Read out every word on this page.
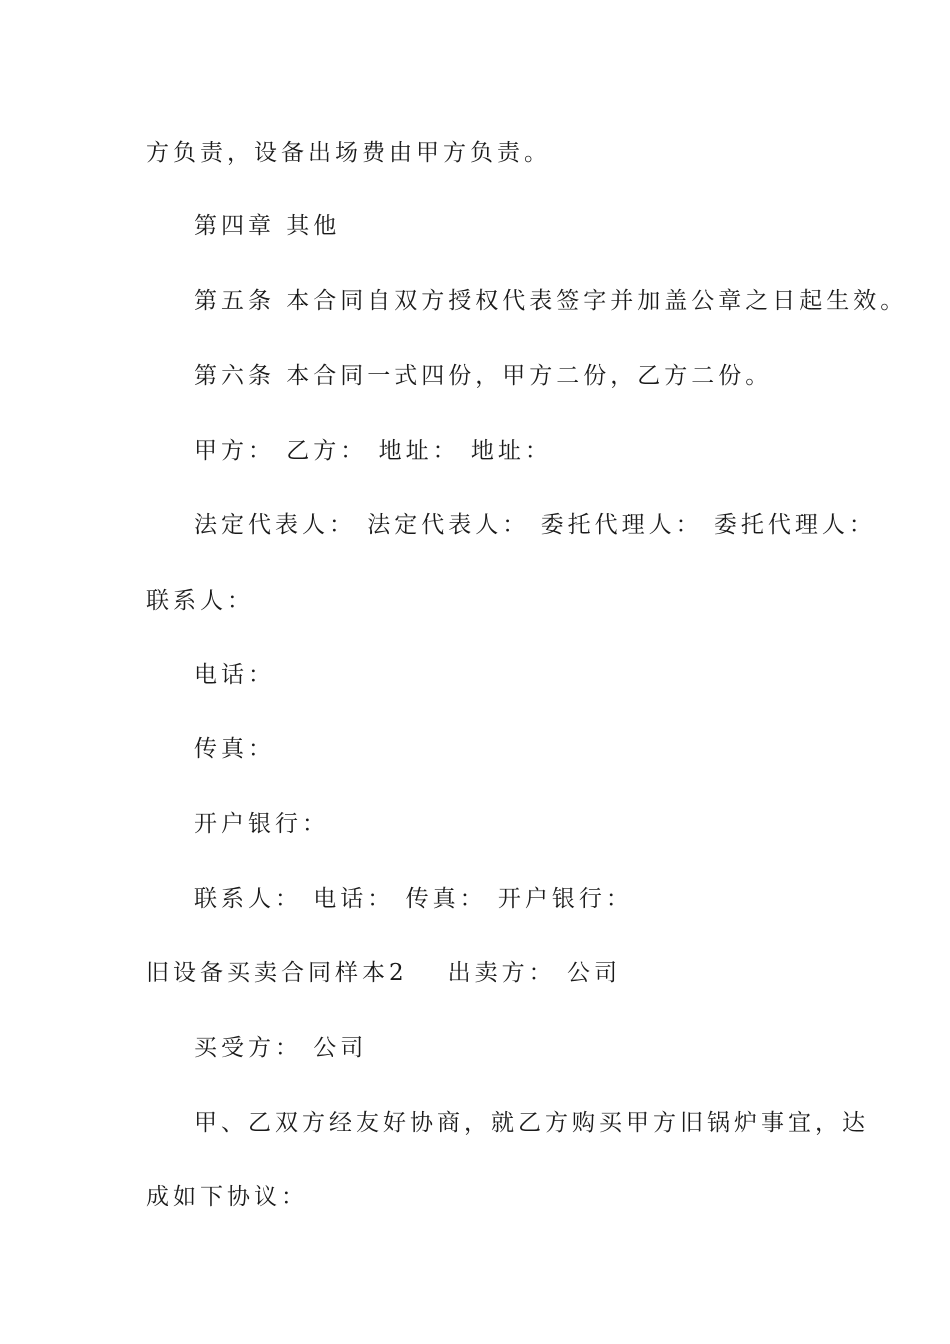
方负责，设备出场费由甲方负责。
第四章 其他
第五条 本合同自双方授权代表签字并加盖公章之日起生效。
第六条 本合同一式四份，甲方二份，乙方二份。
甲方： 乙方： 地址： 地址：
法定代表人： 法定代表人： 委托代理人： 委托代理人：
联系人：
电话：
传真：
开户银行：
联系人： 电话： 传真： 开户银行：
旧设备买卖合同样本2 出卖方： 公司
买受方： 公司
甲、乙双方经友好协商，就乙方购买甲方旧锅炉事宜，达
成如下协议：
